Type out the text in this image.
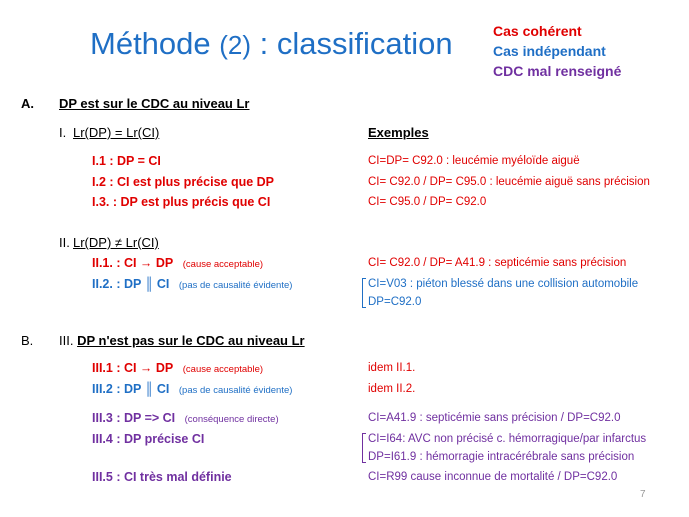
Méthode (2) : classification	Cas cohérent
Cas indépendant
CDC mal renseigné
A. DP est sur le CDC au niveau Lr
I. Lr(DP) = Lr(CI)	Exemples
I.1 : DP = CI	CI=DP= C92.0 : leucémie myéloïde aiguë
I.2 : CI est plus précise que DP	CI= C92.0 / DP= C95.0 : leucémie aiguë sans précision
I.3. : DP est plus précis que CI	CI= C95.0 / DP= C92.0
II. Lr(DP) ≠ Lr(CI)
II.1. : CI → DP (cause acceptable)	CI= C92.0 / DP= A41.9 : septicémie sans précision
II.2. : DP ║ CI (pas de causalité évidente)	CI=V03 : piéton blessé dans une collision automobile
DP=C92.0
B. III. DP n'est pas sur le CDC au niveau Lr
III.1 : CI → DP (cause acceptable)	idem II.1.
III.2 : DP ║ CI (pas de causalité évidente)	idem II.2.
III.3 : DP => CI (conséquence directe)	CI=A41.9 : septicémie sans précision / DP=C92.0
III.4 : DP précise CI	CI=I64: AVC non précisé c. hémorragique/par infarctus
DP=I61.9 : hémorragie intracérébrale sans précision
III.5 : CI très mal définie	CI=R99 cause inconnue de mortalité / DP=C92.0
7
